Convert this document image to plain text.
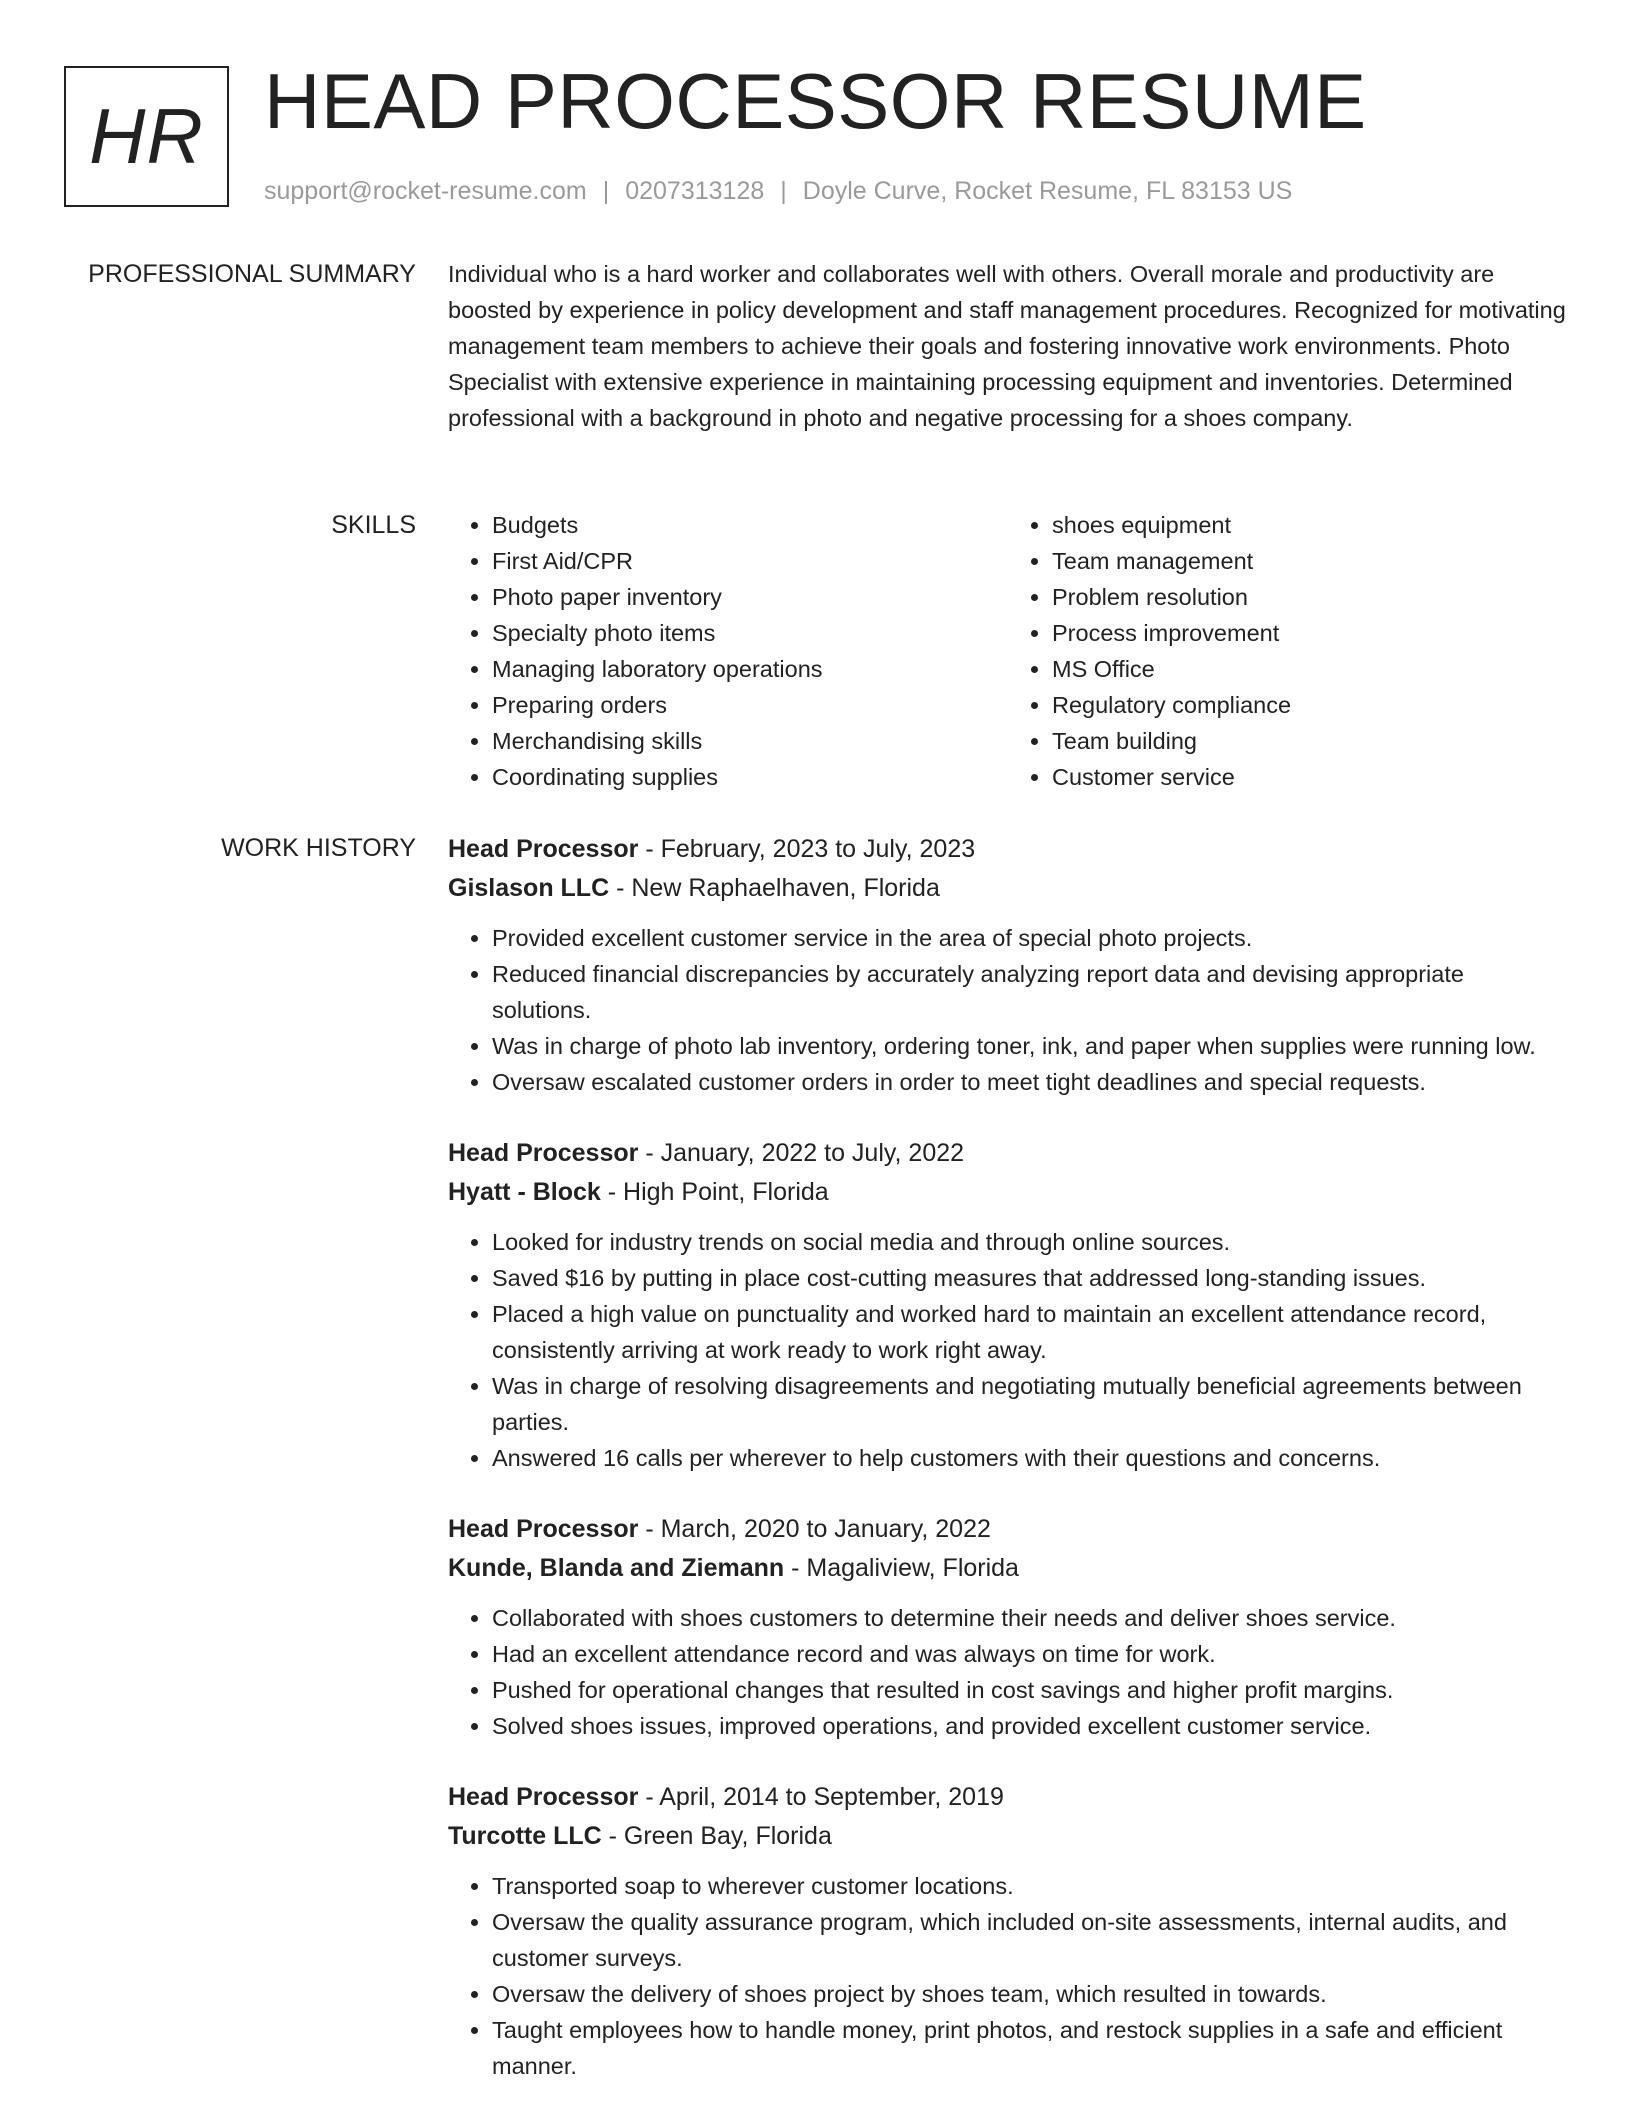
HR HEAD PROCESSOR RESUME
support@rocket-resume.com | 0207313128 | Doyle Curve, Rocket Resume, FL 83153 US
PROFESSIONAL SUMMARY Individual who is a hard worker and collaborates well with others. Overall morale and productivity are boosted by experience in policy development and staff management procedures. Recognized for motivating management team members to achieve their goals and fostering innovative work environments. Photo Specialist with extensive experience in maintaining processing equipment and inventories. Determined professional with a background in photo and negative processing for a shoes company.

SKILLS
•	Budgets
• First Aid/CPR
• Photo paper inventory
• Specialty photo items
• Managing laboratory operations
• Preparing orders
• Merchandising skills
• Coordinating supplies
• shoes equipment
• Team management
• Problem resolution
• Process improvement
• MS Office
• Regulatory compliance
• Team building
• Customer service
WORK HISTORY Head Processor - February, 2023 to July, 2023
Gislason LLC - New Raphaelhaven, Florida
• Provided excellent customer service in the area of special photo projects.
• Reduced financial discrepancies by accurately analyzing report data and devising appropriate solutions.
• Was in charge of photo lab inventory, ordering toner, ink, and paper when supplies were running low.
• Oversaw escalated customer orders in order to meet tight deadlines and special requests.
Head Processor - January, 2022 to July, 2022
Hyatt - Block - High Point, Florida
• Looked for industry trends on social media and through online sources.
• Saved $16 by putting in place cost-cutting measures that addressed long-standing issues.
• Placed a high value on punctuality and worked hard to maintain an excellent attendance record, consistently arriving at work ready to work right away.
• Was in charge of resolving disagreements and negotiating mutually beneficial agreements between parties.
• Answered 16 calls per wherever to help customers with their questions and concerns.
Head Processor - March, 2020 to January, 2022
Kunde, Blanda and Ziemann - Magaliview, Florida
• Collaborated with shoes customers to determine their needs and deliver shoes service.
• Had an excellent attendance record and was always on time for work.
• Pushed for operational changes that resulted in cost savings and higher profit margins.
• Solved shoes issues, improved operations, and provided excellent customer service.
Head Processor - April, 2014 to September, 2019
Turcotte LLC - Green Bay, Florida
• Transported soap to wherever customer locations.
• Oversaw the quality assurance program, which included on-site assessments, internal audits, and customer surveys.
• Oversaw the delivery of shoes project by shoes team, which resulted in towards.
• Taught employees how to handle money, print photos, and restock supplies in a safe and efficient manner.
